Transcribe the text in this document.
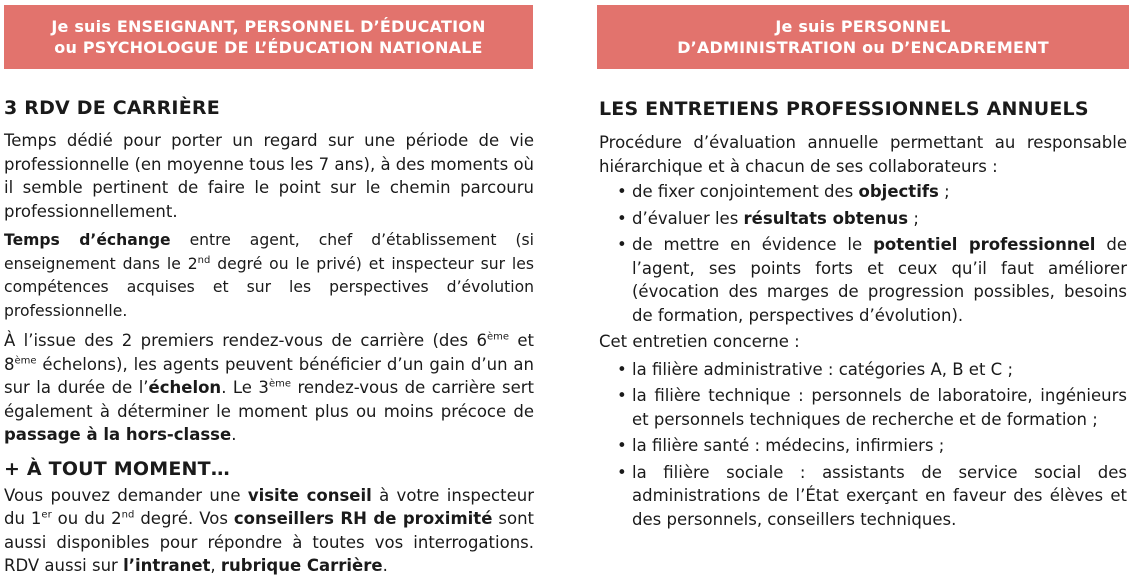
Je suis ENSEIGNANT, PERSONNEL D’ÉDUCATION
ou PSYCHOLOGUE DE L’ÉDUCATION NATIONALE
Je suis PERSONNEL
D’ADMINISTRATION ou D’ENCADREMENT
3 RDV DE CARRIÈRE

Temps dédié pour porter un regard sur une période de vie professionnelle (en moyenne tous les 7 ans), à des moments où il semble pertinent de faire le point sur le chemin parcouru professionnellement.

Temps d’échange entre agent, chef d’établissement (si enseignement dans le 2nd degré ou le privé) et inspecteur sur les compétences acquises et sur les perspectives d’évolution professionnelle.

À l’issue des 2 premiers rendez-vous de carrière (des 6ème et 8ème échelons), les agents peuvent bénéficier d’un gain d’un an sur la durée de l’échelon. Le 3ème rendez-vous de carrière sert également à déterminer le moment plus ou moins précoce de passage à la hors-classe.

+ À TOUT MOMENT…

Vous pouvez demander une visite conseil à votre inspecteur du 1er ou du 2nd degré. Vos conseillers RH de proximité sont aussi disponibles pour répondre à toutes vos interrogations. RDV aussi sur l’intranet, rubrique Carrière.

LES ENTRETIENS PROFESSIONNELS ANNUELS

Procédure d’évaluation annuelle permettant au responsable hiérarchique et à chacun de ses collaborateurs :

• de fixer conjointement des objectifs ;
• d’évaluer les résultats obtenus ;
• de mettre en évidence le potentiel professionnel de l’agent, ses points forts et ceux qu’il faut améliorer (évocation des marges de progression possibles, besoins de formation, perspectives d’évolution).

Cet entretien concerne :

• la filière administrative : catégories A, B et C ;
• la filière technique : personnels de laboratoire, ingénieurs et personnels techniques de recherche et de formation ;
• la filière santé : médecins, infirmiers ;
• la filière sociale : assistants de service social des administrations de l’État exerçant en faveur des élèves et des personnels, conseillers techniques.
